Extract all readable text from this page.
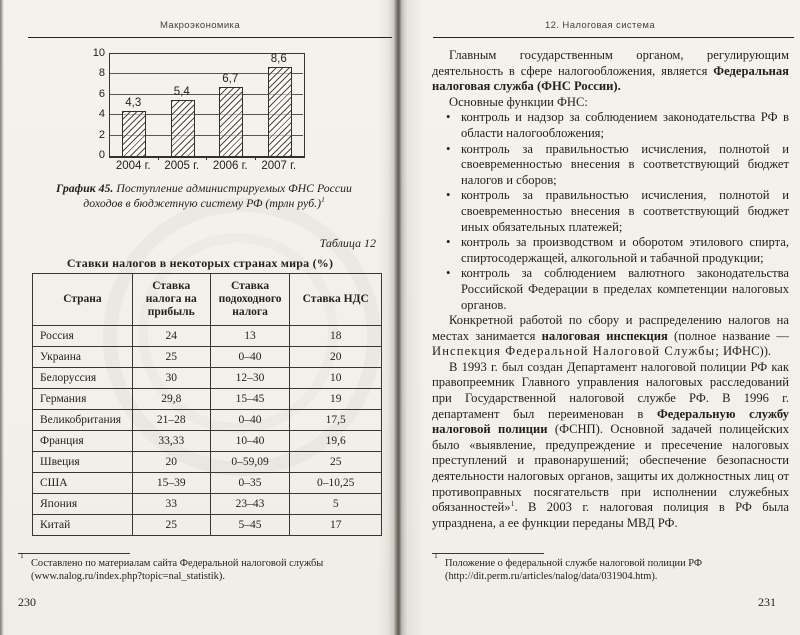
Макроэкономика
0
2
4
6
8
10
4,3
2004 г.
5,4
2005 г.
6,7
2006 г.
8,6
2007 г.
График 45. Поступление администрируемых ФНС России доходов в бюджетную систему РФ (трлн руб.)$^1$
Таблица 12
Ставки налогов в некоторых странах мира (%)
Страна	Ставка налога на прибыль	Ставка подоходного налога	Ставка НДС
Россия	24	13	18
Украина	25	0–40	20
Белоруссия	30	12–30	10
Германия	29,8	15–45	19
Великобритания	21–28	0–40	17,5
Франция	33,33	10–40	19,6
Швеция	20	0–59,09	25
США	15–39	0–35	0–10,25
Япония	33	23–43	5
Китай	25	5–45	17
1
Составлено по материалам сайта Федеральной налоговой службы (www.nalog.ru/index.php?topic=nal_statistik).
230
12. Налоговая система
Главным государственным органом, регулирующим деятельность в сфере налогообложения, является Федеральная налоговая служба (ФНС России).
Основные функции ФНС:
• контроль и надзор за соблюдением законодательства РФ в области налогообложения;
• контроль за правильностью исчисления, полнотой и своевременностью внесения в соответствующий бюджет налогов и сборов;
• контроль за правильностью исчисления, полнотой и своевременностью внесения в соответствующий бюджет иных обязательных платежей;
• контроль за производством и оборотом этилового спирта, спиртосодержащей, алкогольной и табачной продукции;
• контроль за соблюдением валютного законодательства Российской Федерации в пределах компетенции налоговых органов.
Конкретной работой по сбору и распределению налогов на местах занимается налоговая инспекция (полное название — Инспекция Федеральной Налоговой Службы; ИФНС)).
В 1993 г. был создан Департамент налоговой полиции РФ как правопреемник Главного управления налоговых расследований при Государственной налоговой службе РФ. В 1996 г. департамент был переименован в Федеральную службу налоговой полиции (ФСНП). Основной задачей полицейских было «выявление, предупреждение и пресечение налоговых преступлений и правонарушений; обеспечение безопасности деятельности налоговых органов, защиты их должностных лиц от противоправных посягательств при исполнении служебных обязанностей»$^1$. В 2003 г. налоговая полиция в РФ была упразднена, а ее функции переданы МВД РФ.
1
Положение о федеральной службе налоговой полиции РФ (http://dit.perm.ru/articles/nalog/data/031904.htm).
231
